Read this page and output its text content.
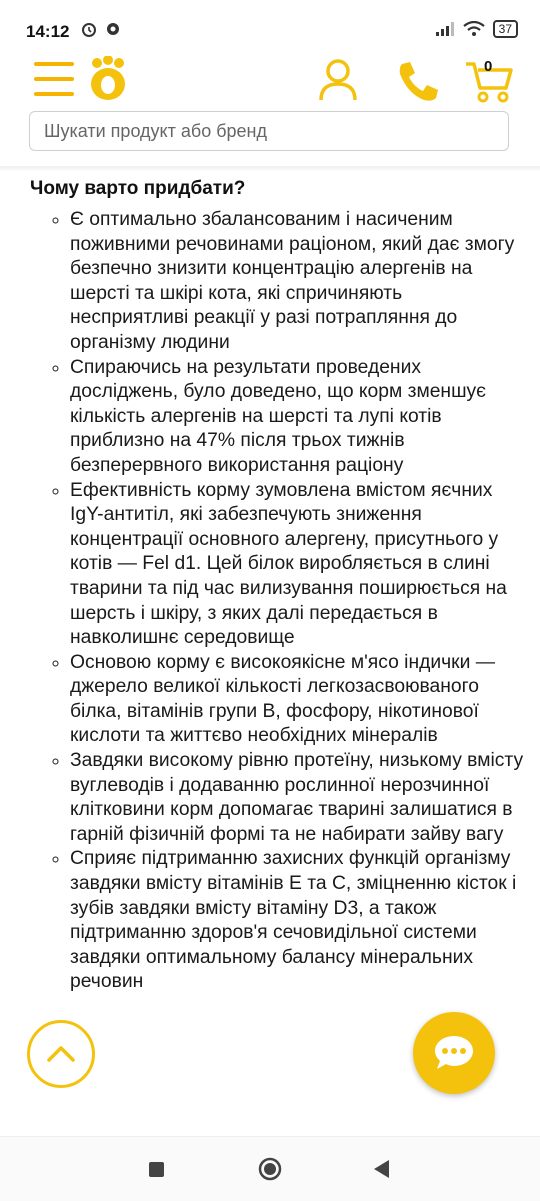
14:12	37
0
Шукати продукт або бренд
Чому варто придбати?
◦ Є оптимально збалансованим і насиченим поживними речовинами раціоном, який дає змогу безпечно знизити концентрацію алергенів на шерсті та шкірі кота, які спричиняють несприятливі реакції у разі потрапляння до організму людини
◦ Спираючись на результати проведених досліджень, було доведено, що корм зменшує кількість алергенів на шерсті та лупі котів приблизно на 47% після трьох тижнів безперервного використання раціону
◦ Ефективність корму зумовлена вмістом яєчних IgY-антитіл, які забезпечують зниження концентрації основного алергену, присутнього у котів — Fel d1. Цей білок виробляється в слині тварини та під час вилизування поширюється на шерсть і шкіру, з яких далі передається в навколишнє середовище
◦ Основою корму є високоякісне м'ясо індички — джерело великої кількості легкозасвоюваного білка, вітамінів групи В, фосфору, нікотинової кислоти та життєво необхідних мінералів
◦ Завдяки високому рівню протеїну, низькому вмісту вуглеводів і додаванню рослинної нерозчинної клітковини корм допомагає тварині залишатися в гарній фізичній формі та не набирати зайву вагу
◦ Сприяє підтриманню захисних функцій організму завдяки вмісту вітамінів Е та С, зміцненню кісток і зубів завдяки вмісту вітаміну D3, а також підтриманню здоров'я сечовидільної системи завдяки оптимальному балансу мінеральних речовин
